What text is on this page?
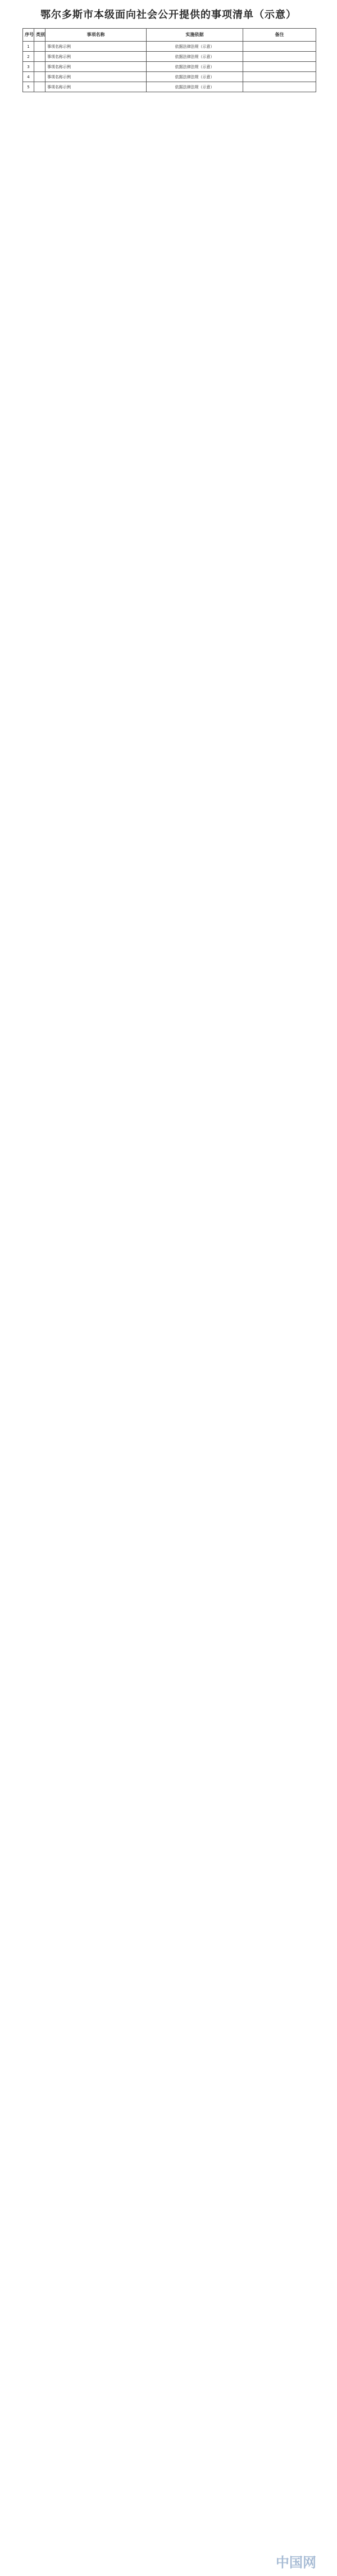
鄂尔多斯市本级面向社会公开提供的事项清单（示意）
序号	类别	事项名称	实施依据	备注
1		事项名称示例	依据法律法规（示意）	
2		事项名称示例	依据法律法规（示意）	
3		事项名称示例	依据法律法规（示意）	
4		事项名称示例	依据法律法规（示意）	
5		事项名称示例	依据法律法规（示意）	
中国网
